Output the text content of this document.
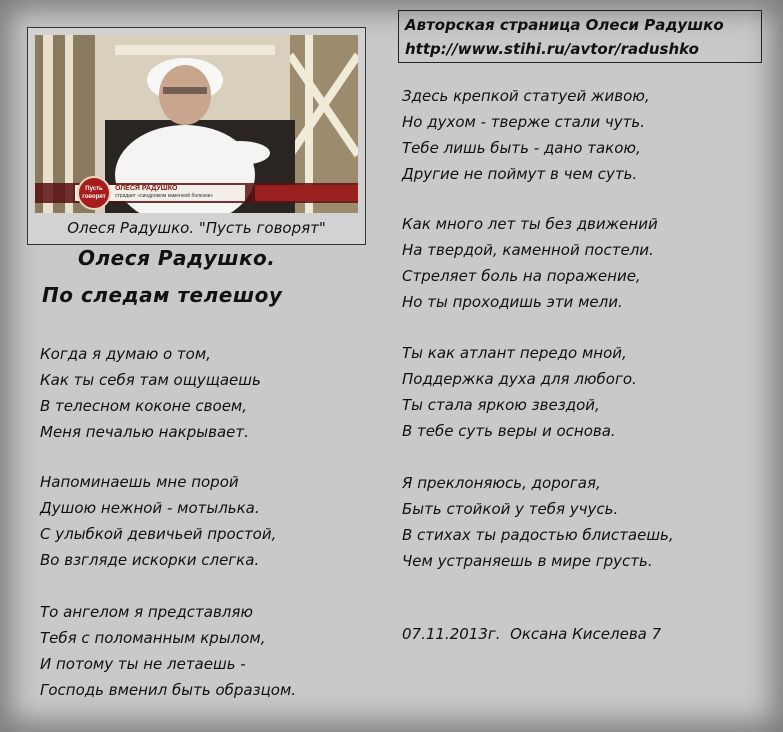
Пусть говорят
ОЛЕСЯ РАДУШКО
страдает «синдромом каменной болезни»
Олеся Радушко. "Пусть говорят"
Олеся Радушко.
По следам телешоу
Авторская страница Олеси Радушко
http://www.stihi.ru/avtor/radushko
Когда я думаю о том,
Как ты себя там ощущаешь
В телесном коконе своем,
Меня печалью накрывает.
Напоминаешь мне порой
Душою нежной - мотылька.
С улыбкой девичьей простой,
Во взгляде искорки слегка.
То ангелом я представляю
Тебя с поломанным крылом,
И потому ты не летаешь -
Господь вменил быть образцом.
Здесь крепкой статуей живою,
Но духом - тверже стали чуть.
Тебе лишь быть - дано такою,
Другие не поймут в чем суть.
Как много лет ты без движений
На твердой, каменной постели.
Стреляет боль на поражение,
Но ты проходишь эти мели.
Ты как атлант передо мной,
Поддержка духа для любого.
Ты стала яркою звездой,
В тебе суть веры и основа.
Я преклоняюсь, дорогая,
Быть стойкой у тебя учусь.
В стихах ты радостью блистаешь,
Чем устраняешь в мире грусть.
07.11.2013г.  Оксана Киселева 7
